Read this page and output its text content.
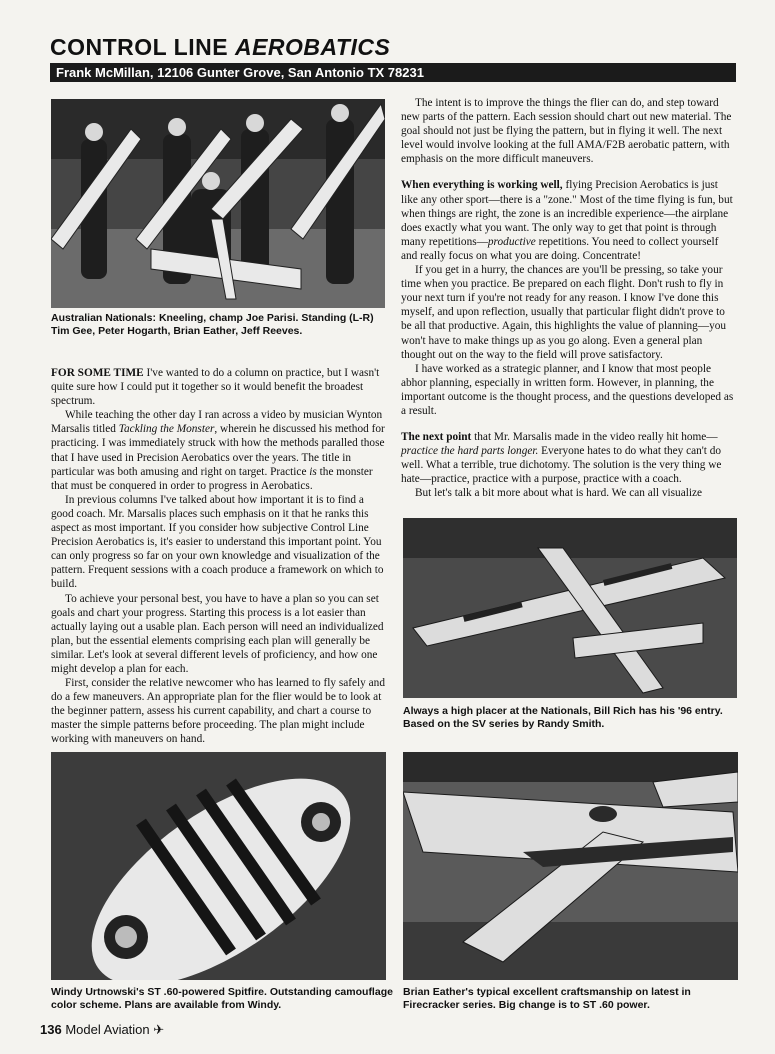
CONTROL LINE AEROBATICS
Frank McMillan, 12106 Gunter Grove, San Antonio TX 78231
Australian Nationals: Kneeling, champ Joe Parisi. Standing (L-R) Tim Gee, Peter Hogarth, Brian Eather, Jeff Reeves.
Always a high placer at the Nationals, Bill Rich has his '96 entry. Based on the SV series by Randy Smith.
Windy Urtnowski's ST .60-powered Spitfire. Outstanding camouflage color scheme. Plans are available from Windy.
Brian Eather's typical excellent craftsmanship on latest in Firecracker series. Big change is to ST .60 power.

FOR SOME TIME I've wanted to do a column on practice, but I wasn't quite sure how I could put it together so it would benefit the broadest spectrum.

While teaching the other day I ran across a video by musician Wynton Marsalis titled Tackling the Monster, wherein he discussed his method for practicing. I was immediately struck with how the methods paralled those that I have used in Precision Aerobatics over the years. The title in particular was both amusing and right on target. Practice is the monster that must be conquered in order to progress in Aerobatics.

In previous columns I've talked about how important it is to find a good coach. Mr. Marsalis places such emphasis on it that he ranks this aspect as most important. If you consider how subjective Control Line Precision Aerobatics is, it's easier to understand this important point. You can only progress so far on your own knowledge and visualization of the pattern. Frequent sessions with a coach produce a framework on which to build.

To achieve your personal best, you have to have a plan so you can set goals and chart your progress. Starting this process is a lot easier than actually laying out a usable plan. Each person will need an individualized plan, but the essential elements comprising each plan will generally be similar. Let's look at several different levels of proficiency, and how one might develop a plan for each.

First, consider the relative newcomer who has learned to fly safely and do a few maneuvers. An appropriate plan for the flier would be to look at the beginner pattern, assess his current capability, and chart a course to master the simple patterns before proceeding. The plan might include working with maneuvers on hand.

The intent is to improve the things the flier can do, and step toward new parts of the pattern. Each session should chart out new material. The goal should not just be flying the pattern, but in flying it well. The next level would involve looking at the full AMA/F2B aerobatic pattern, with emphasis on the more difficult maneuvers.

When everything is working well, flying Precision Aerobatics is just like any other sport—there is a "zone." Most of the time flying is fun, but when things are right, the zone is an incredible experience—the airplane does exactly what you want. The only way to get that point is through many repetitions—productive repetitions. You need to collect yourself and really focus on what you are doing. Concentrate!

If you get in a hurry, the chances are you'll be pressing, so take your time when you practice. Be prepared on each flight. Don't rush to fly in your next turn if you're not ready for any reason. I know I've done this myself, and upon reflection, usually that particular flight didn't prove to be all that productive. Again, this highlights the value of planning—you won't have to make things up as you go along. Even a general plan thought out on the way to the field will prove satisfactory.

I have worked as a strategic planner, and I know that most people abhor planning, especially in written form. However, in planning, the important outcome is the thought process, and the questions developed as a result.

The next point that Mr. Marsalis made in the video really hit home—practice the hard parts longer. Everyone hates to do what they can't do well. What a terrible, true dichotomy. The solution is the very thing we hate—practice, practice with a purpose, practice with a coach.

But let's talk a bit more about what is hard. We can all visualize

136 Model Aviation ✈
